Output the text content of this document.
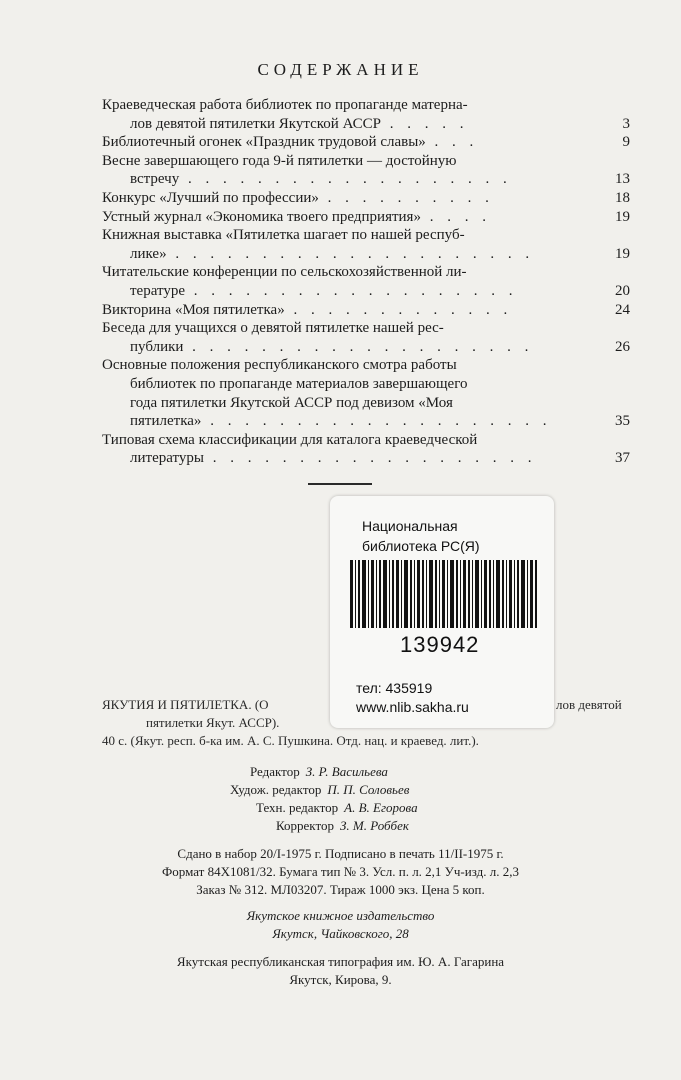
СОДЕРЖАНИЕ
Краеведческая работа библиотек по пропаганде матерна-
лов девятой пятилетки Якутской АССР . . . . .	3
Библиотечный огонек «Праздник трудовой славы» . . .	9
Весне завершающего года 9-й пятилетки — достойную
встречу . . . . . . . . . . . . . . . . . . .	13
Конкурс «Лучший по профессии» . . . . . . . . . .	18
Устный журнал «Экономика твоего предприятия» . . . .	19
Книжная выставка «Пятилетка шагает по нашей респуб-
лике» . . . . . . . . . . . . . . . . . . . . .	19
Читательские конференции по сельскохозяйственной ли-
тературе . . . . . . . . . . . . . . . . . . .	20
Викторина «Моя пятилетка» . . . . . . . . . . . . .	24
Беседа для учащихся о девятой пятилетке нашей рес-
публики . . . . . . . . . . . . . . . . . . . .	26
Основные положения республиканского смотра работы
библиотек по пропаганде материалов завершающего
года пятилетки Якутской АССР под девизом «Моя
пятилетка» . . . . . . . . . . . . . . . . . . . .	35
Типовая схема классификации для каталога краеведческой
литературы . . . . . . . . . . . . . . . . . . .	37
ЯКУТИЯ И ПЯТИЛЕТКА. (О	лов девятой
пятилетки Якут. АССР).
40 с. (Якут. респ. б-ка им. А. С. Пушкина. Отд. нац. и краевед. лит.).
Национальная
библиотека РС(Я)
139942
тел: 435919
www.nlib.sakha.ru
Редактор З. Р. Васильева
Худож. редактор П. П. Соловьев
Техн. редактор А. В. Егорова
Корректор З. М. Роббек
Сдано в набор 20/I-1975 г. Подписано в печать 11/II-1975 г.
Формат 84X1081/32. Бумага тип № 3. Усл. п. л. 2,1 Уч-изд. л. 2,3
Заказ № 312. МЛ03207. Тираж 1000 экз. Цена 5 коп.
Якутское книжное издательство
Якутск, Чайковского, 28
Якутская республиканская типография им. Ю. А. Гагарина
Якутск, Кирова, 9.
